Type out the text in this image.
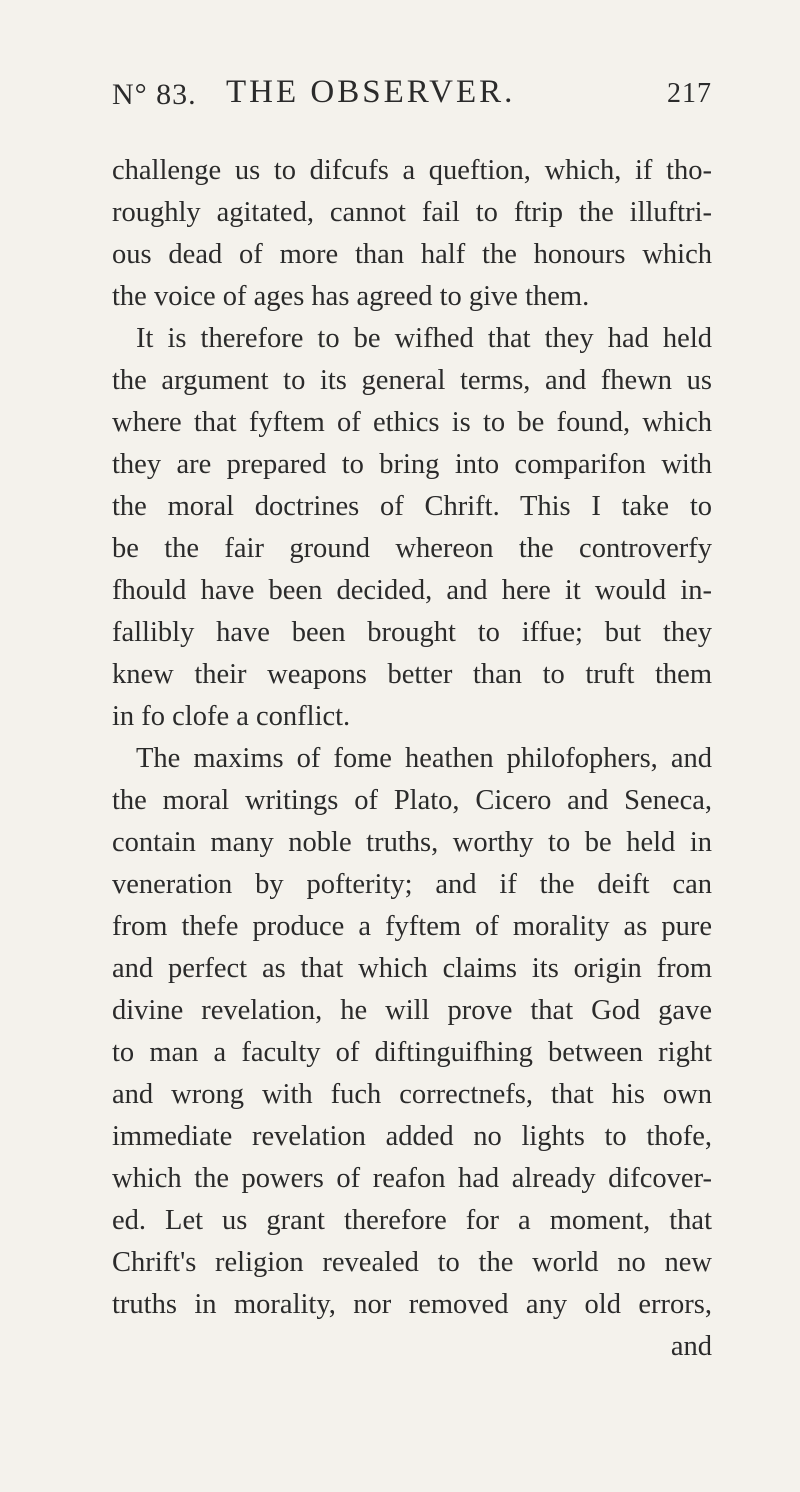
N° 83. THE OBSERVER.	217
challenge us to difcufs a queftion, which, if tho-
roughly agitated, cannot fail to ftrip the illuftri-
ous dead of more than half the honours which
the voice of ages has agreed to give them.
It is therefore to be wifhed that they had held
the argument to its general terms, and fhewn us
where that fyftem of ethics is to be found, which
they are prepared to bring into comparifon with
the moral doctrines of Chrift. This I take to
be the fair ground whereon the controverfy
fhould have been decided, and here it would in-
fallibly have been brought to iffue; but they
knew their weapons better than to truft them
in fo clofe a conflict.
The maxims of fome heathen philofophers, and
the moral writings of Plato, Cicero and Seneca,
contain many noble truths, worthy to be held in
veneration by pofterity; and if the deift can
from thefe produce a fyftem of morality as pure
and perfect as that which claims its origin from
divine revelation, he will prove that God gave
to man a faculty of diftinguifhing between right
and wrong with fuch correctnefs, that his own
immediate revelation added no lights to thofe,
which the powers of reafon had already difcover-
ed. Let us grant therefore for a moment, that
Chrift's religion revealed to the world no new
truths in morality, nor removed any old errors,
and
